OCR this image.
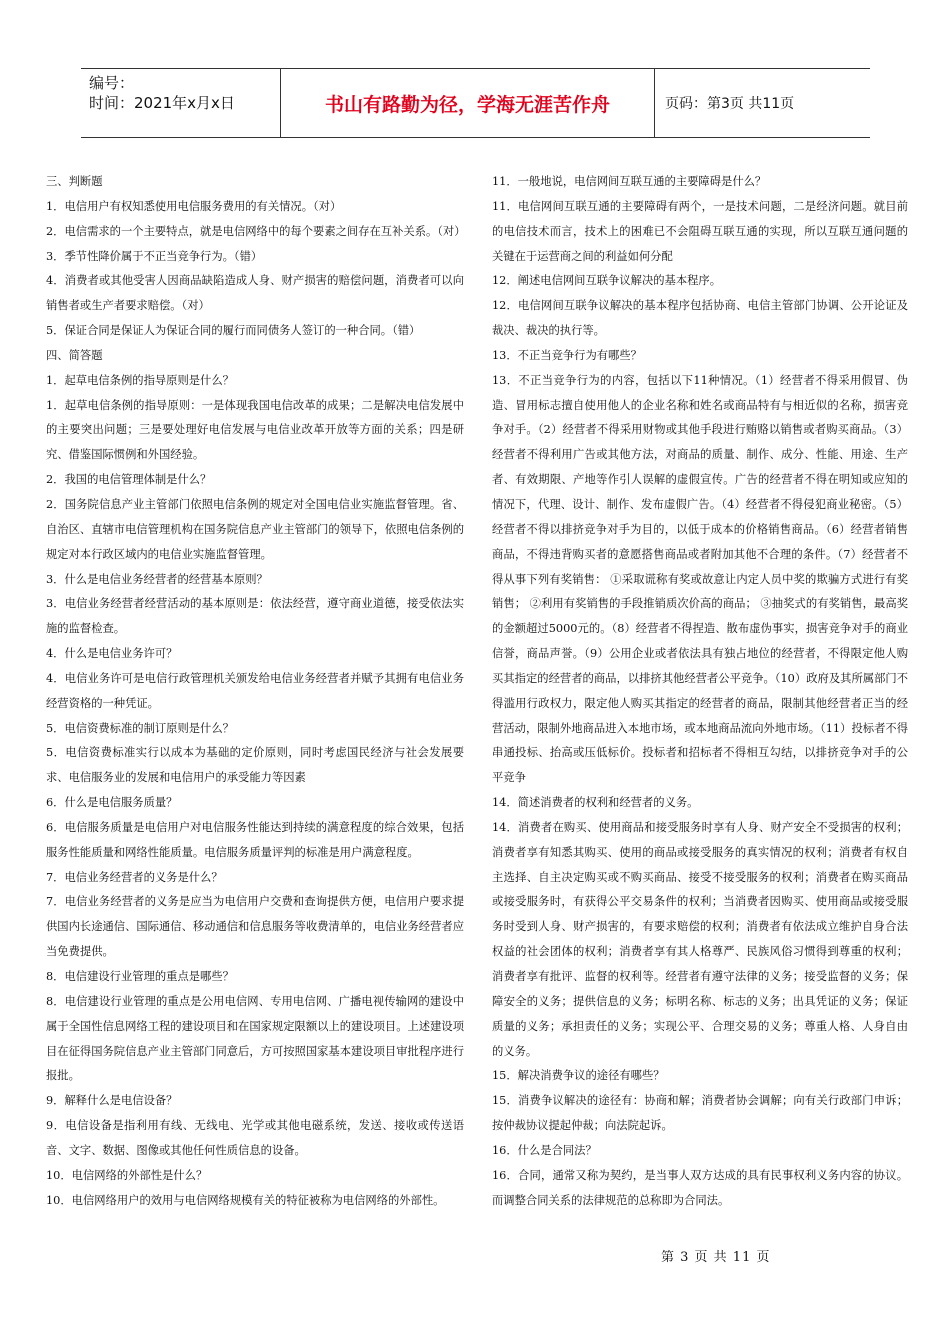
编号：
时间：2021年x月x日	书山有路勤为径，学海无涯苦作舟	页码：第3页 共11页

三、判断题

1．电信用户有权知悉使用电信服务费用的有关情况。（对）

2．电信需求的一个主要特点，就是电信网络中的每个要素之间存在互补关系。（对）

3．季节性降价属于不正当竞争行为。（错）

4．消费者或其他受害人因商品缺陷造成人身、财产损害的赔偿问题，消费者可以向销售者或生产者要求赔偿。（对）

5．保证合同是保证人为保证合同的履行而同债务人签订的一种合同。（错）

四、简答题

1．起草电信条例的指导原则是什么？

1．起草电信条例的指导原则：一是体现我国电信改革的成果；二是解决电信发展中的主要突出问题；三是要处理好电信发展与电信业改革开放等方面的关系；四是研究、借鉴国际惯例和外国经验。

2．我国的电信管理体制是什么？

2．国务院信息产业主管部门依照电信条例的规定对全国电信业实施监督管理。省、自治区、直辖市电信管理机构在国务院信息产业主管部门的领导下，依照电信条例的规定对本行政区域内的电信业实施监督管理。

3．什么是电信业务经营者的经营基本原则？

3．电信业务经营者经营活动的基本原则是：依法经营，遵守商业道德，接受依法实施的监督检查。

4．什么是电信业务许可？

4．电信业务许可是电信行政管理机关颁发给电信业务经营者并赋予其拥有电信业务经营资格的一种凭证。

5．电信资费标准的制订原则是什么？

5．电信资费标准实行以成本为基础的定价原则，同时考虑国民经济与社会发展要求、电信服务业的发展和电信用户的承受能力等因素

6．什么是电信服务质量？

6．电信服务质量是电信用户对电信服务性能达到持续的满意程度的综合效果，包括服务性能质量和网络性能质量。电信服务质量评判的标准是用户满意程度。

7．电信业务经营者的义务是什么？

7．电信业务经营者的义务是应当为电信用户交费和查询提供方便，电信用户要求提供国内长途通信、国际通信、移动通信和信息服务等收费清单的，电信业务经营者应当免费提供。

8．电信建设行业管理的重点是哪些？

8．电信建设行业管理的重点是公用电信网、专用电信网、广播电视传输网的建设中属于全国性信息网络工程的建设项目和在国家规定限额以上的建设项目。上述建设项目在征得国务院信息产业主管部门同意后，方可按照国家基本建设项目审批程序进行报批。

9．解释什么是电信设备？

9．电信设备是指利用有线、无线电、光学或其他电磁系统，发送、接收或传送语音、文字、数据、图像或其他任何性质信息的设备。

10．电信网络的外部性是什么？

10．电信网络用户的效用与电信网络规模有关的特征被称为电信网络的外部性。

11．一般地说，电信网间互联互通的主要障碍是什么？

11．电信网间互联互通的主要障碍有两个，一是技术问题，二是经济问题。就目前的电信技术而言，技术上的困难已不会阻碍互联互通的实现，所以互联互通问题的关键在于运营商之间的利益如何分配

12．阐述电信网间互联争议解决的基本程序。

12．电信网间互联争议解决的基本程序包括协商、电信主管部门协调、公开论证及裁决、裁决的执行等。

13．不正当竞争行为有哪些？

13．不正当竞争行为的内容，包括以下11种情况。（1）经营者不得采用假冒、伪造、冒用标志擅自使用他人的企业名称和姓名或商品特有与相近似的名称，损害竞争对手。（2）经营者不得采用财物或其他手段进行贿赂以销售或者购买商品。（3）经营者不得利用广告或其他方法，对商品的质量、制作、成分、性能、用途、生产者、有效期限、产地等作引人误解的虚假宣传。广告的经营者不得在明知或应知的情况下，代理、设计、制作、发布虚假广告。（4）经营者不得侵犯商业秘密。（5）经营者不得以排挤竞争对手为目的，以低于成本的价格销售商品。（6）经营者销售商品，不得违背购买者的意愿搭售商品或者附加其他不合理的条件。（7）经营者不得从事下列有奖销售： ①采取谎称有奖或故意让内定人员中奖的欺骗方式进行有奖销售； ②利用有奖销售的手段推销质次价高的商品； ③抽奖式的有奖销售，最高奖的金额超过5000元的。（8）经营者不得捏造、散布虚伪事实，损害竞争对手的商业信誉，商品声誉。（9）公用企业或者依法具有独占地位的经营者，不得限定他人购买其指定的经营者的商品，以排挤其他经营者公平竞争。（10）政府及其所属部门不得滥用行政权力，限定他人购买其指定的经营者的商品，限制其他经营者正当的经营活动，限制外地商品进入本地市场，或本地商品流向外地市场。（11）投标者不得串通投标、抬高或压低标价。投标者和招标者不得相互勾结，以排挤竞争对手的公平竞争

14．简述消费者的权利和经营者的义务。

14．消费者在购买、使用商品和接受服务时享有人身、财产安全不受损害的权利；消费者享有知悉其购买、使用的商品或接受服务的真实情况的权利；消费者有权自主选择、自主决定购买或不购买商品、接受不接受服务的权利；消费者在购买商品或接受服务时，有获得公平交易条件的权利；当消费者因购买、使用商品或接受服务时受到人身、财产损害的，有要求赔偿的权利；消费者有依法成立维护自身合法权益的社会团体的权利；消费者享有其人格尊严、民族风俗习惯得到尊重的权利；消费者享有批评、监督的权利等。经营者有遵守法律的义务；接受监督的义务；保障安全的义务；提供信息的义务；标明名称、标志的义务；出具凭证的义务；保证质量的义务；承担责任的义务；实现公平、合理交易的义务；尊重人格、人身自由的义务。

15．解决消费争议的途径有哪些？

15．消费争议解决的途径有：协商和解；消费者协会调解；向有关行政部门申诉；按仲裁协议提起仲裁；向法院起诉。

16．什么是合同法？

16．合同，通常又称为契约，是当事人双方达成的具有民事权利义务内容的协议。而调整合同关系的法律规范的总称即为合同法。

第 3 页 共 11 页
